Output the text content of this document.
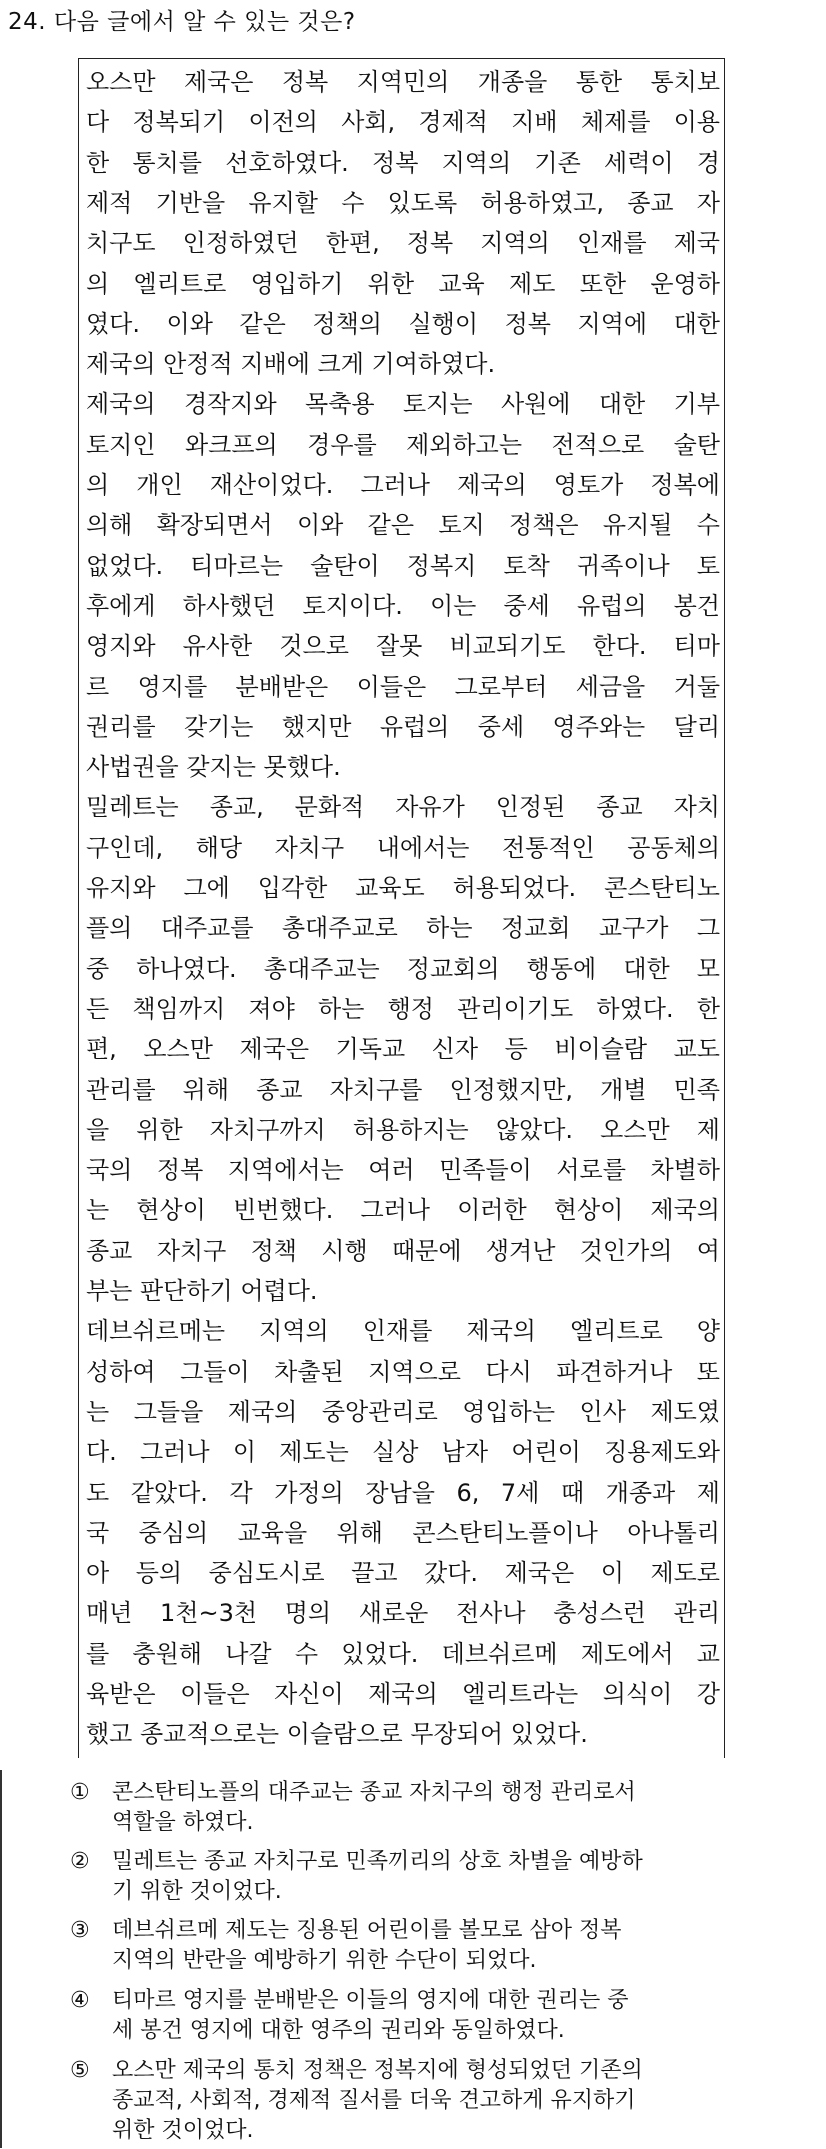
24. 다음 글에서 알 수 있는 것은?
오스만 제국은 정복 지역민의 개종을 통한 통치보
다 정복되기 이전의 사회, 경제적 지배 체제를 이용
한 통치를 선호하였다. 정복 지역의 기존 세력이 경
제적 기반을 유지할 수 있도록 허용하였고, 종교 자
치구도 인정하였던 한편, 정복 지역의 인재를 제국
의 엘리트로 영입하기 위한 교육 제도 또한 운영하
였다. 이와 같은 정책의 실행이 정복 지역에 대한
제국의 안정적 지배에 크게 기여하였다.
제국의 경작지와 목축용 토지는 사원에 대한 기부
토지인 와크프의 경우를 제외하고는 전적으로 술탄
의 개인 재산이었다. 그러나 제국의 영토가 정복에
의해 확장되면서 이와 같은 토지 정책은 유지될 수
없었다. 티마르는 술탄이 정복지 토착 귀족이나 토
후에게 하사했던 토지이다. 이는 중세 유럽의 봉건
영지와 유사한 것으로 잘못 비교되기도 한다. 티마
르 영지를 분배받은 이들은 그로부터 세금을 거둘
권리를 갖기는 했지만 유럽의 중세 영주와는 달리
사법권을 갖지는 못했다.
밀레트는 종교, 문화적 자유가 인정된 종교 자치
구인데, 해당 자치구 내에서는 전통적인 공동체의
유지와 그에 입각한 교육도 허용되었다. 콘스탄티노
플의 대주교를 총대주교로 하는 정교회 교구가 그
중 하나였다. 총대주교는 정교회의 행동에 대한 모
든 책임까지 져야 하는 행정 관리이기도 하였다. 한
편, 오스만 제국은 기독교 신자 등 비이슬람 교도
관리를 위해 종교 자치구를 인정했지만, 개별 민족
을 위한 자치구까지 허용하지는 않았다. 오스만 제
국의 정복 지역에서는 여러 민족들이 서로를 차별하
는 현상이 빈번했다. 그러나 이러한 현상이 제국의
종교 자치구 정책 시행 때문에 생겨난 것인가의 여
부는 판단하기 어렵다.
데브쉬르메는 지역의 인재를 제국의 엘리트로 양
성하여 그들이 차출된 지역으로 다시 파견하거나 또
는 그들을 제국의 중앙관리로 영입하는 인사 제도였
다. 그러나 이 제도는 실상 남자 어린이 징용제도와
도 같았다. 각 가정의 장남을 6, 7세 때 개종과 제
국 중심의 교육을 위해 콘스탄티노플이나 아나톨리
아 등의 중심도시로 끌고 갔다. 제국은 이 제도로
매년 1천~3천 명의 새로운 전사나 충성스런 관리
를 충원해 나갈 수 있었다. 데브쉬르메 제도에서 교
육받은 이들은 자신이 제국의 엘리트라는 의식이 강
했고 종교적으로는 이슬람으로 무장되어 있었다.
①	콘스탄티노플의 대주교는 종교 자치구의 행정 관리로서
역할을 하였다.
②	밀레트는 종교 자치구로 민족끼리의 상호 차별을 예방하
기 위한 것이었다.
③	데브쉬르메 제도는 징용된 어린이를 볼모로 삼아 정복
지역의 반란을 예방하기 위한 수단이 되었다.
④	티마르 영지를 분배받은 이들의 영지에 대한 권리는 중
세 봉건 영지에 대한 영주의 권리와 동일하였다.
⑤	오스만 제국의 통치 정책은 정복지에 형성되었던 기존의
종교적, 사회적, 경제적 질서를 더욱 견고하게 유지하기
위한 것이었다.
